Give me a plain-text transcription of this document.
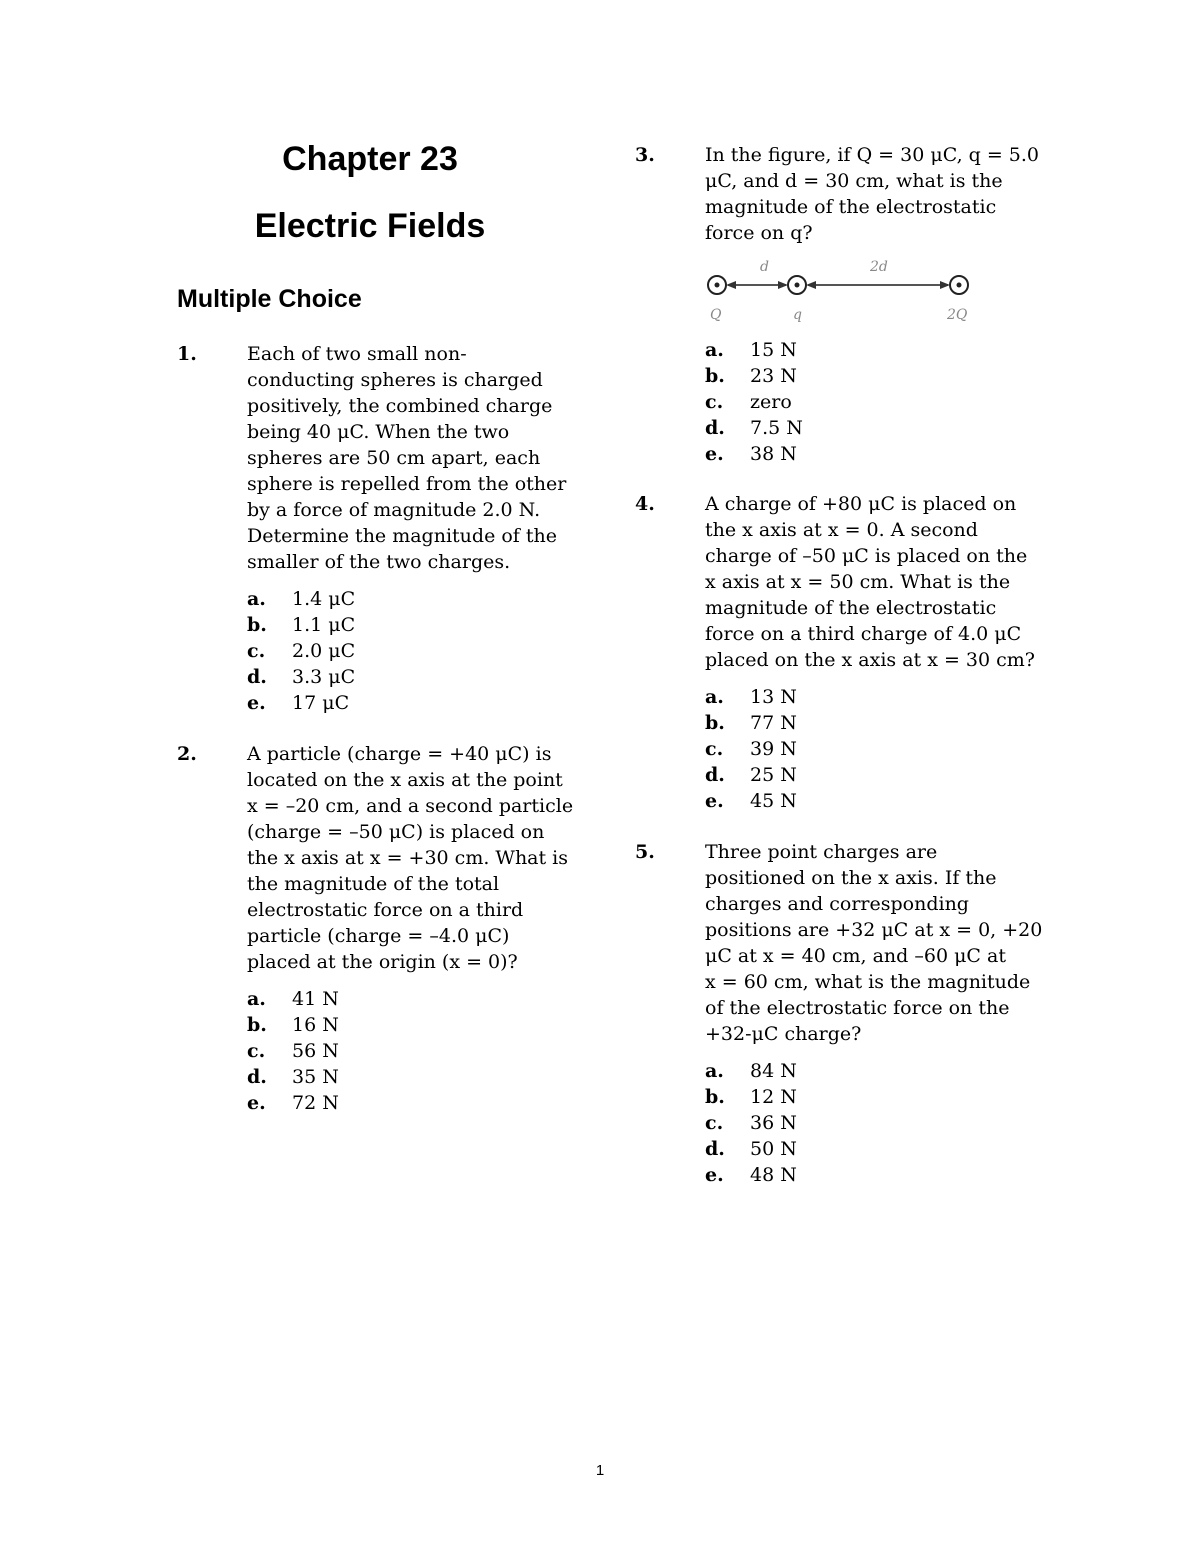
Chapter 23
Electric Fields
Multiple Choice
1.	Each of two small non-
conducting spheres is charged
positively, the combined charge
being 40 μC. When the two
spheres are 50 cm apart, each
sphere is repelled from the other
by a force of magnitude 2.0 N.
Determine the magnitude of the
smaller of the two charges.
a. 1.4 μC
b. 1.1 μC
c. 2.0 μC
d. 3.3 μC
e. 17 μC
2.	A particle (charge = +40 μC) is
located on the x axis at the point
x = –20 cm, and a second particle
(charge = –50 μC) is placed on
the x axis at x = +30 cm. What is
the magnitude of the total
electrostatic force on a third
particle (charge = –4.0 μC)
placed at the origin (x = 0)?
a. 41 N
b. 16 N
c. 56 N
d. 35 N
e. 72 N
3.	In the figure, if Q = 30 μC, q = 5.0
μC, and d = 30 cm, what is the
magnitude of the electrostatic
force on q?
d	2d
Q	q	2Q
a. 15 N
b. 23 N
c. zero
d. 7.5 N
e. 38 N
4.	A charge of +80 μC is placed on
the x axis at x = 0. A second
charge of –50 μC is placed on the
x axis at x = 50 cm. What is the
magnitude of the electrostatic
force on a third charge of 4.0 μC
placed on the x axis at x = 30 cm?
a. 13 N
b. 77 N
c. 39 N
d. 25 N
e. 45 N
5.	Three point charges are
positioned on the x axis. If the
charges and corresponding
positions are +32 μC at x = 0, +20
μC at x = 40 cm, and –60 μC at
x = 60 cm, what is the magnitude
of the electrostatic force on the
+32-μC charge?
a. 84 N
b. 12 N
c. 36 N
d. 50 N
e. 48 N
1
